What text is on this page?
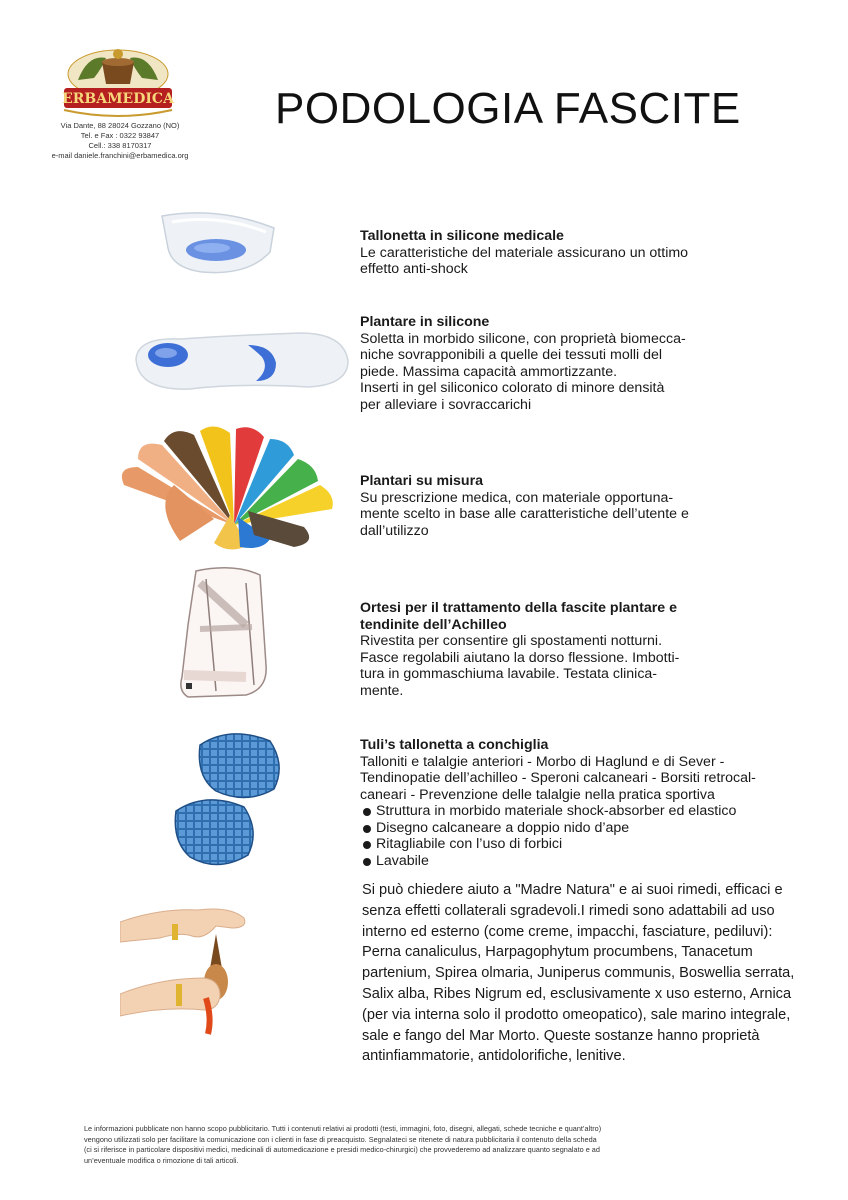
ERBAMEDICA
Via Dante, 88 28024 Gozzano (NO)
Tel. e Fax : 0322 93847
Cell.: 338 8170317
e-mail daniele.franchini@erbamedica.org
PODOLOGIA FASCITE
Tallonetta in silicone medicale
Le caratteristiche del materiale assicurano un ottimo
effetto anti-shock
Plantare in silicone
Soletta in morbido silicone, con proprietà biomecca-
niche sovrapponibili a quelle dei tessuti molli del
piede. Massima capacità ammortizzante.
Inserti in gel siliconico colorato di minore densità
per alleviare i sovraccarichi
Plantari su misura
Su prescrizione medica, con materiale opportuna-
mente scelto in base alle caratteristiche dell’utente e
dall’utilizzo
Ortesi per il trattamento della fascite plantare e
tendinite dell’Achilleo
Rivestita per consentire gli spostamenti notturni.
Fasce regolabili aiutano la dorso flessione. Imbotti-
tura in gommaschiuma lavabile. Testata clinica-
mente.
Tuli’s tallonetta a conchiglia
Talloniti e talalgie anteriori - Morbo di Haglund e di Sever -
Tendinopatie dell’achilleo - Speroni calcaneari - Borsiti retrocal-
caneari - Prevenzione delle talalgie nella pratica sportiva
Struttura in morbido materiale shock-absorber ed elastico
Disegno calcaneare a doppio nido d’ape
Ritagliabile con l’uso di forbici
Lavabile
Si può chiedere aiuto a "Madre Natura" e ai suoi rimedi, efficaci e senza effetti collaterali sgradevoli.I rimedi sono adattabili ad uso interno ed esterno (come creme, impacchi, fasciature, pediluvi): Perna canaliculus, Harpagophytum procumbens, Tanacetum partenium, Spirea olmaria, Juniperus communis, Boswellia serrata, Salix alba, Ribes Nigrum ed, esclusivamente x uso esterno, Arnica (per via interna solo il prodotto omeopatico), sale marino integrale, sale e fango del Mar Morto. Queste sostanze hanno proprietà antinfiammatorie, antidolorifiche, lenitive.
Le informazioni pubblicate non hanno scopo pubblicitario. Tutti i contenuti relativi ai prodotti (testi, immagini, foto, disegni, allegati, schede tecniche e quant’altro)
vengono utilizzati solo per facilitare la comunicazione con i clienti in fase di preacquisto. Segnalateci se ritenete di natura pubblicitaria il contenuto della scheda
(ci si riferisce in particolare dispositivi medici, medicinali di automedicazione e presidi medico-chirurgici) che provvederemo ad analizzare quanto segnalato e ad
un’eventuale modifica o rimozione di tali articoli.
